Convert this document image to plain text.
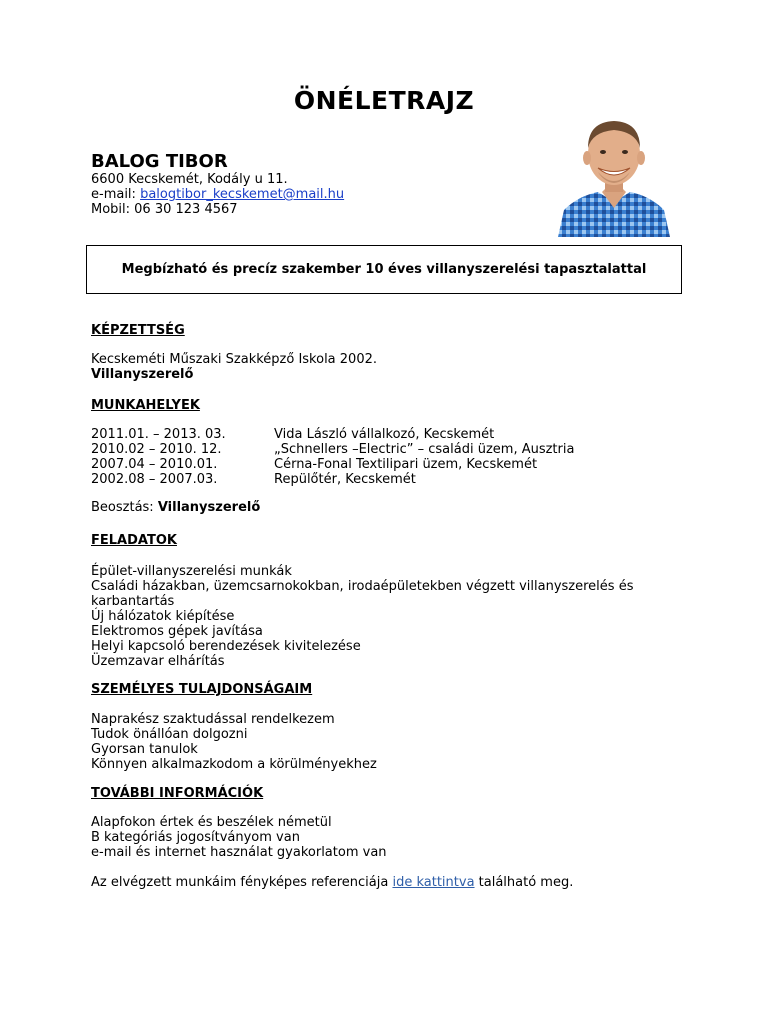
ÖNÉLETRAJZ
BALOG TIBOR
6600 Kecskemét, Kodály u 11.
e-mail: balogtibor_kecskemet@mail.hu
Mobil: 06 30 123 4567
Megbízható és precíz szakember 10 éves villanyszerelési tapasztalattal
KÉPZETTSÉG
Kecskeméti Műszaki Szakképző Iskola 2002.
Villanyszerelő
MUNKAHELYEK
2011.01. – 2013. 03.	Vida László vállalkozó, Kecskemét
2010.02 – 2010. 12.	„Schnellers –Electric” – családi üzem, Ausztria
2007.04 – 2010.01.	Cérna-Fonal Textilipari üzem, Kecskemét
2002.08 – 2007.03.	Repülőtér, Kecskemét
Beosztás: Villanyszerelő
FELADATOK
Épület-villanyszerelési munkák
Családi házakban, üzemcsarnokokban, irodaépületekben végzett villanyszerelés és
karbantartás
Új hálózatok kiépítése
Elektromos gépek javítása
Helyi kapcsoló berendezések kivitelezése
Üzemzavar elhárítás
SZEMÉLYES TULAJDONSÁGAIM
Naprakész szaktudással rendelkezem
Tudok önállóan dolgozni
Gyorsan tanulok
Könnyen alkalmazkodom a körülményekhez
TOVÁBBI INFORMÁCIÓK
Alapfokon értek és beszélek németül
B kategóriás jogosítványom van
e-mail és internet használat gyakorlatom van
Az elvégzett munkáim fényképes referenciája ide kattintva található meg.
